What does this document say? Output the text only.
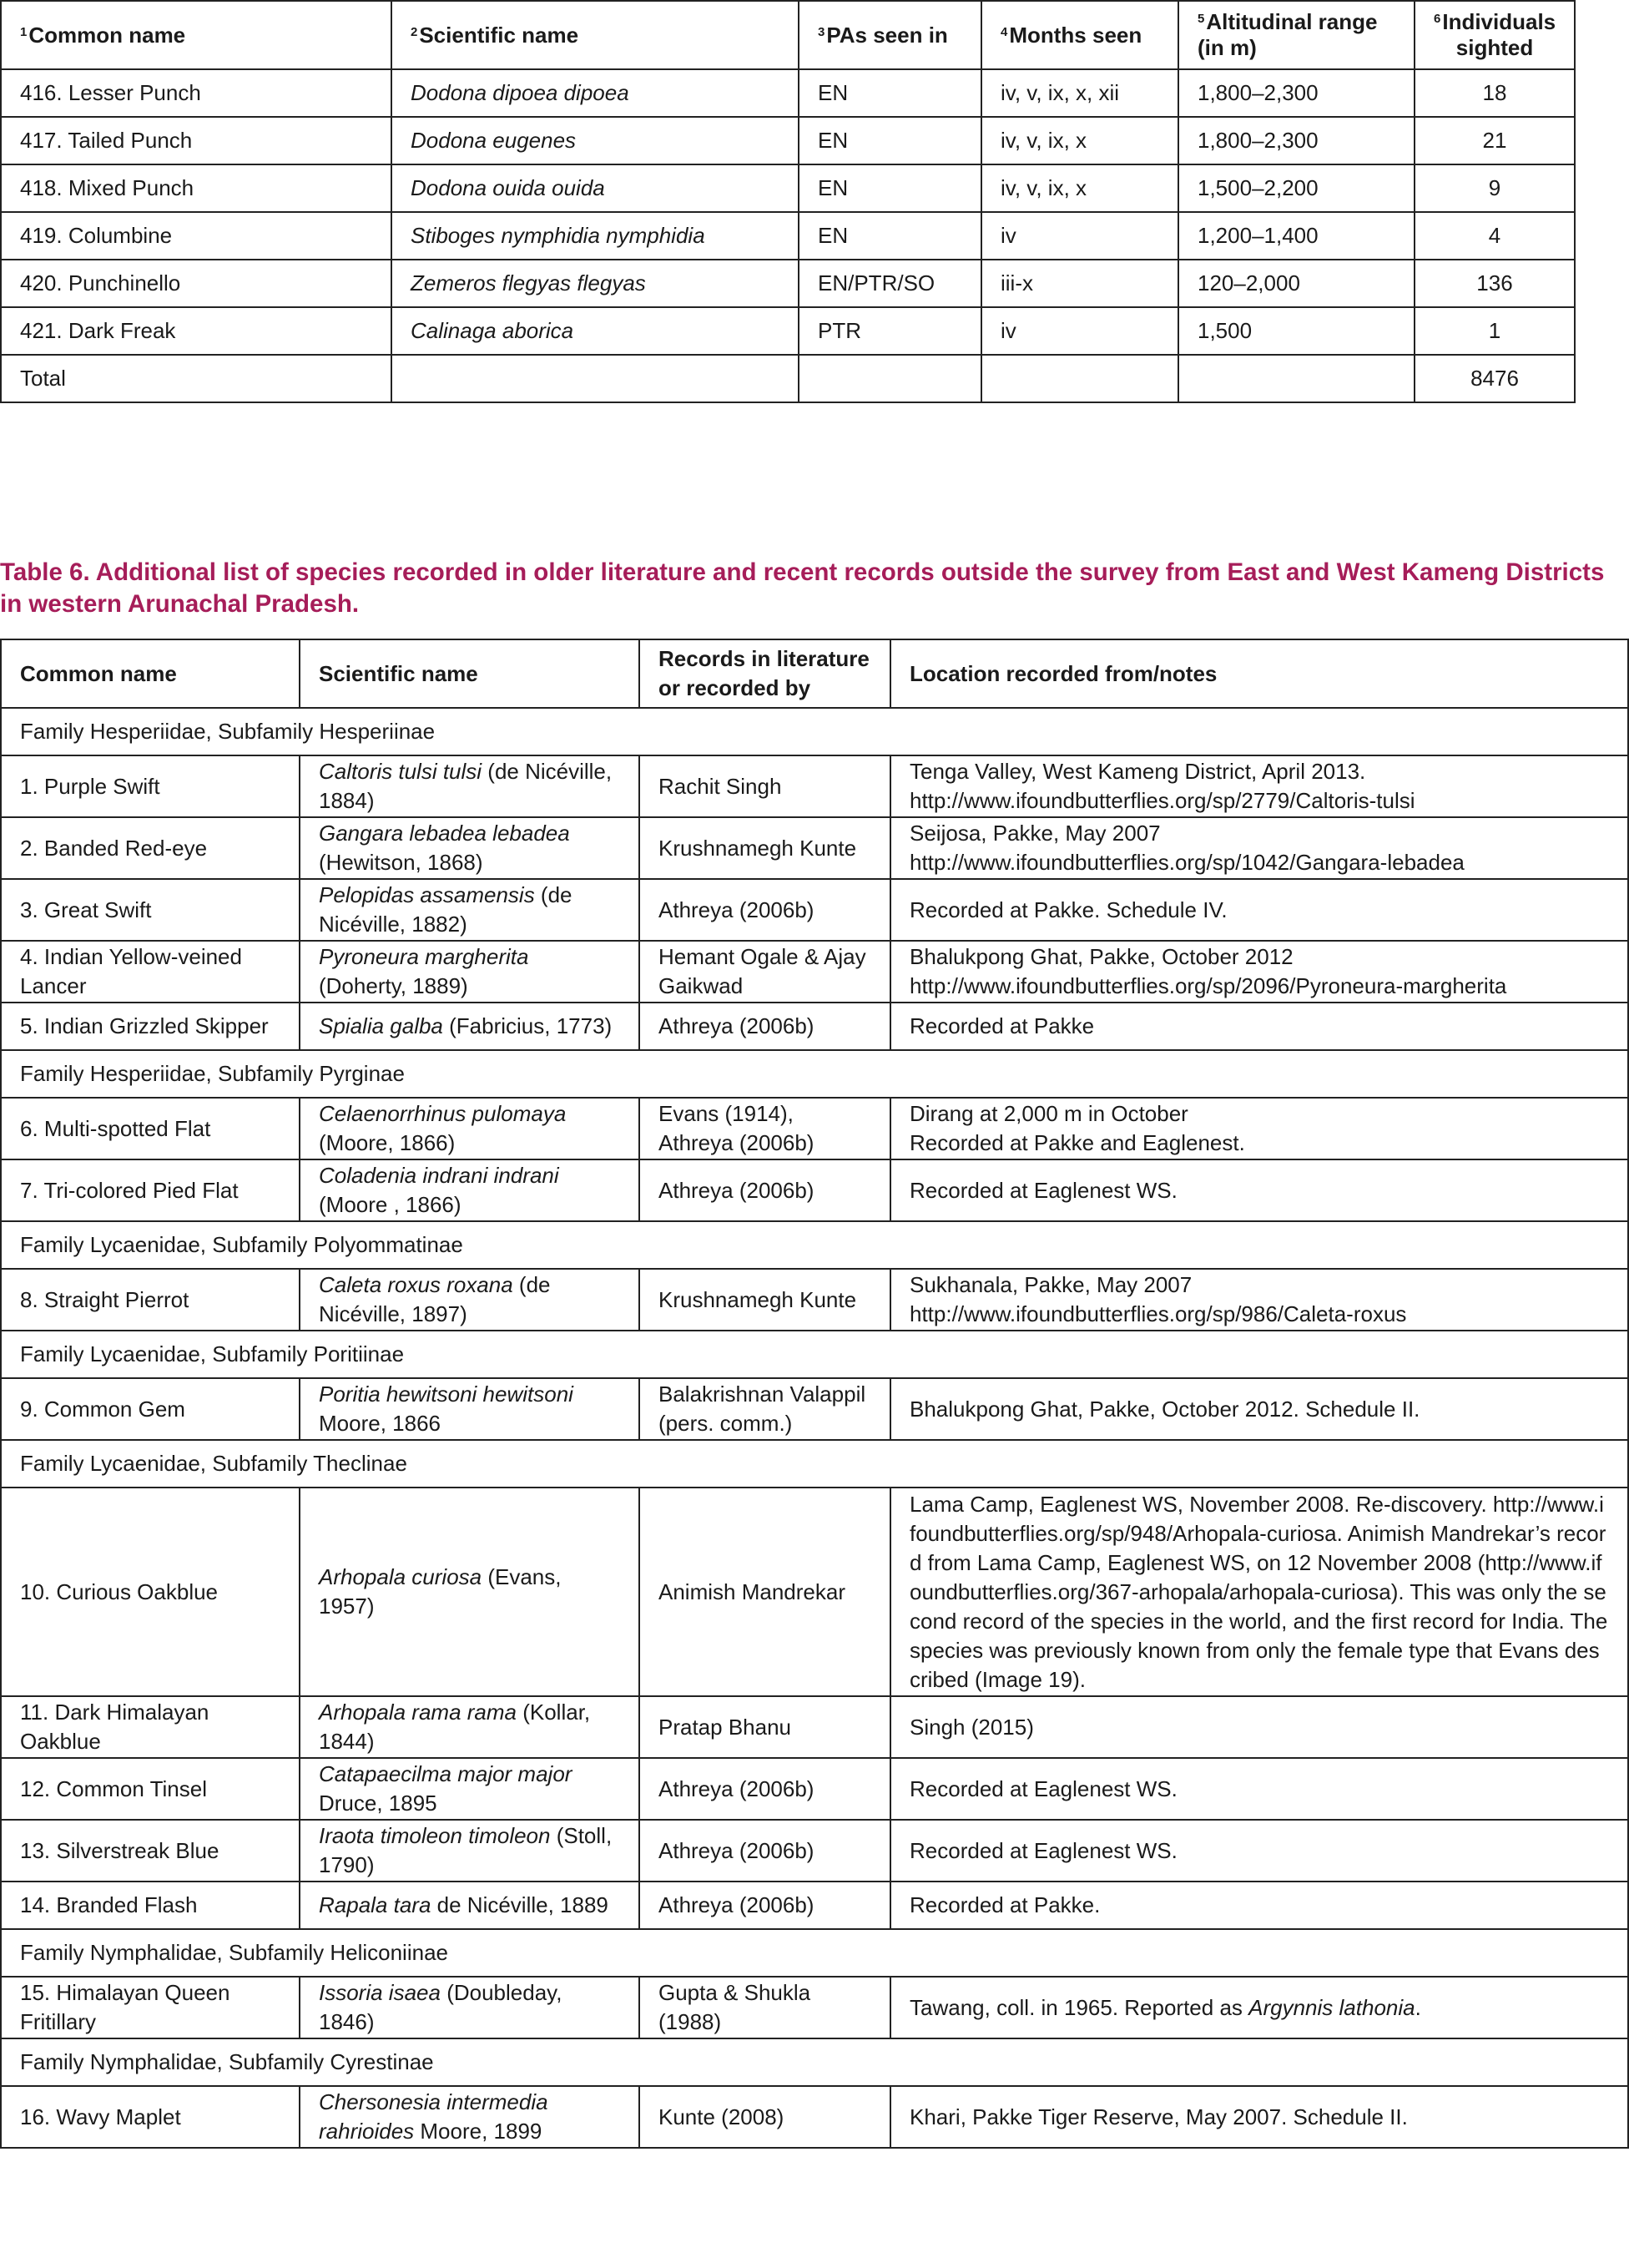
$^1$Common name	$^2$Scientific name	$^3$PAs seen in	$^4$Months seen	$^5$Altitudinal range (in m)	$^6$Individuals sighted
416. Lesser Punch	Dodona dipoea dipoea	EN	iv, v, ix, x, xii	1,800–2,300	18
417. Tailed Punch	Dodona eugenes	EN	iv, v, ix, x	1,800–2,300	21
418. Mixed Punch	Dodona ouida ouida	EN	iv, v, ix, x	1,500–2,200	9
419. Columbine	Stiboges nymphidia nymphidia	EN	iv	1,200–1,400	4
420. Punchinello	Zemeros flegyas flegyas	EN/PTR/SO	iii-x	120–2,000	136
421. Dark Freak	Calinaga aborica	PTR	iv	1,500	1
Total					8476

Table 6. Additional list of species recorded in older literature and recent records outside the survey from East and West Kameng Districts in western Arunachal Pradesh.

Common name	Scientific name	Records in literature or recorded by	Location recorded from/notes
Family Hesperiidae, Subfamily Hesperiinae			
1. Purple Swift	Caltoris tulsi tulsi (de Nicéville, 1884)	Rachit Singh	Tenga Valley, West Kameng District, April 2013.
http://www.ifoundbutterflies.org/sp/2779/Caltoris-tulsi
2. Banded Red-eye	Gangara lebadea lebadea (Hewitson, 1868)	Krushnamegh Kunte	Seijosa, Pakke, May 2007
http://www.ifoundbutterflies.org/sp/1042/Gangara-lebadea
3. Great Swift	Pelopidas assamensis (de Nicéville, 1882)	Athreya (2006b)	Recorded at Pakke. Schedule IV.
4. Indian Yellow-veined Lancer	Pyroneura margherita (Doherty, 1889)	Hemant Ogale & Ajay Gaikwad	Bhalukpong Ghat, Pakke, October 2012
http://www.ifoundbutterflies.org/sp/2096/Pyroneura-margherita
5. Indian Grizzled Skipper	Spialia galba (Fabricius, 1773)	Athreya (2006b)	Recorded at Pakke
Family Hesperiidae, Subfamily Pyrginae			
6. Multi-spotted Flat	Celaenorrhinus pulomaya (Moore, 1866)	Evans (1914), Athreya (2006b)	Dirang at 2,000 m in October
Recorded at Pakke and Eaglenest.
7. Tri-colored Pied Flat	Coladenia indrani indrani (Moore , 1866)	Athreya (2006b)	Recorded at Eaglenest WS.
Family Lycaenidae, Subfamily Polyommatinae			
8. Straight Pierrot	Caleta roxus roxana (de Nicéville, 1897)	Krushnamegh Kunte	Sukhanala, Pakke, May 2007
http://www.ifoundbutterflies.org/sp/986/Caleta-roxus
Family Lycaenidae, Subfamily Poritiinae			
9. Common Gem	Poritia hewitsoni hewitsoni Moore, 1866	Balakrishnan Valappil (pers. comm.)	Bhalukpong Ghat, Pakke, October 2012. Schedule II.
Family Lycaenidae, Subfamily Theclinae			
10. Curious Oakblue	Arhopala curiosa (Evans, 1957)	Animish Mandrekar	Lama Camp, Eaglenest WS, November 2008. Re-discovery. http://www.ifoundbutterflies.org/sp/948/Arhopala-curiosa. Animish Mandrekar’s record from Lama Camp, Eaglenest WS, on 12 November 2008 (http://www.ifoundbutterflies.org/367-arhopala/arhopala-curiosa). This was only the second record of the species in the world, and the first record for India. The species was previously known from only the female type that Evans described (Image 19).
11. Dark Himalayan Oakblue	Arhopala rama rama (Kollar, 1844)	Pratap Bhanu	Singh (2015)
12. Common Tinsel	Catapaecilma major major Druce, 1895	Athreya (2006b)	Recorded at Eaglenest WS.
13. Silverstreak Blue	Iraota timoleon timoleon (Stoll, 1790)	Athreya (2006b)	Recorded at Eaglenest WS.
14. Branded Flash	Rapala tara de Nicéville, 1889	Athreya (2006b)	Recorded at Pakke.
Family Nymphalidae, Subfamily Heliconiinae			
15. Himalayan Queen Fritillary	Issoria isaea (Doubleday, 1846)	Gupta & Shukla (1988)	Tawang, coll. in 1965. Reported as Argynnis lathonia.
Family Nymphalidae, Subfamily Cyrestinae			
16. Wavy Maplet	Chersonesia intermedia rahrioides Moore, 1899	Kunte (2008)	Khari, Pakke Tiger Reserve, May 2007. Schedule II.
